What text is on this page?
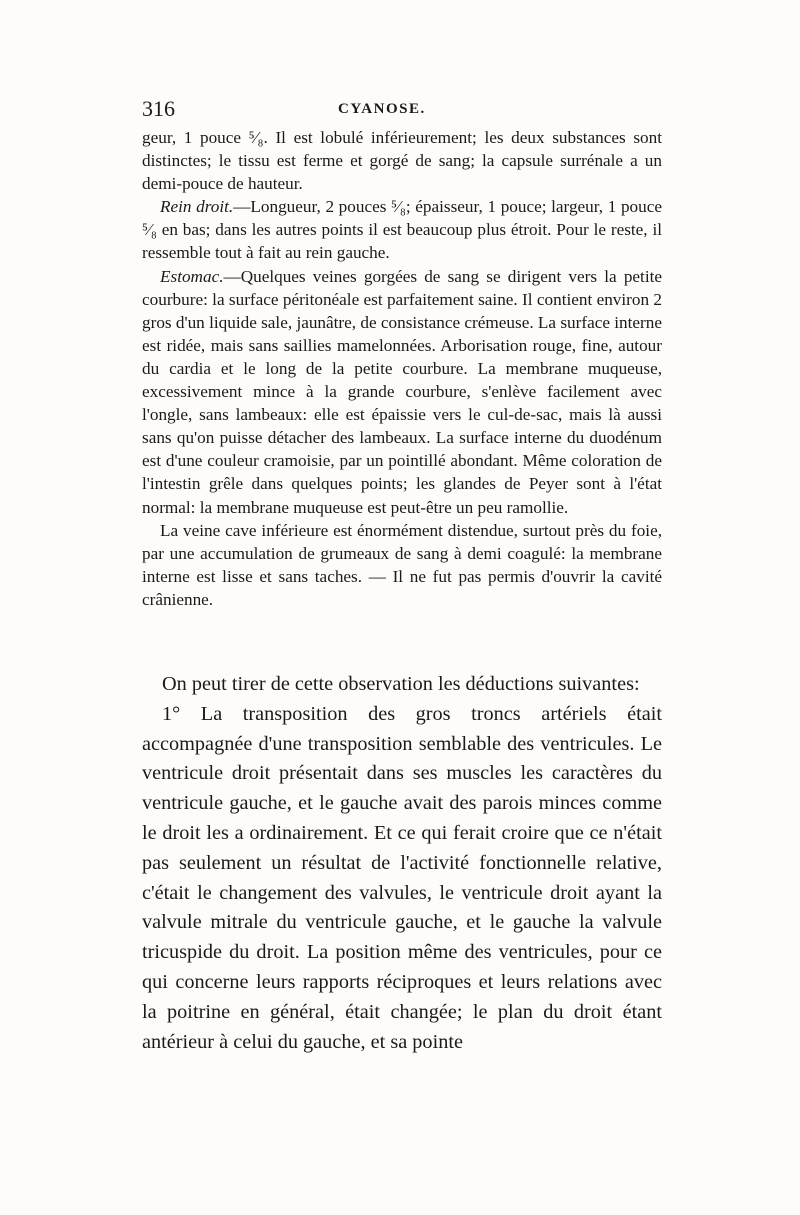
316	CYANOSE.

geur, 1 pouce ⁵⁄₈. Il est lobulé inférieurement; les deux substances sont distinctes; le tissu est ferme et gorgé de sang; la capsule surrénale a un demi-pouce de hauteur.

Rein droit.—Longueur, 2 pouces ⁵⁄₈; épaisseur, 1 pouce; largeur, 1 pouce ⁵⁄₈ en bas; dans les autres points il est beaucoup plus étroit. Pour le reste, il ressemble tout à fait au rein gauche.

Estomac.—Quelques veines gorgées de sang se dirigent vers la petite courbure: la surface péritonéale est parfaitement saine. Il contient environ 2 gros d'un liquide sale, jaunâtre, de consistance crémeuse. La surface interne est ridée, mais sans saillies mamelonnées. Arborisation rouge, fine, autour du cardia et le long de la petite courbure. La membrane muqueuse, excessivement mince à la grande courbure, s'enlève facilement avec l'ongle, sans lambeaux: elle est épaissie vers le cul-de-sac, mais là aussi sans qu'on puisse détacher des lambeaux. La surface interne du duodénum est d'une couleur cramoisie, par un pointillé abondant. Même coloration de l'intestin grêle dans quelques points; les glandes de Peyer sont à l'état normal: la membrane muqueuse est peut-être un peu ramollie.

La veine cave inférieure est énormément distendue, surtout près du foie, par une accumulation de grumeaux de sang à demi coagulé: la membrane interne est lisse et sans taches. — Il ne fut pas permis d'ouvrir la cavité crânienne.

On peut tirer de cette observation les déductions suivantes:

1° La transposition des gros troncs artériels était accompagnée d'une transposition semblable des ventricules. Le ventricule droit présentait dans ses muscles les caractères du ventricule gauche, et le gauche avait des parois minces comme le droit les a ordinairement. Et ce qui ferait croire que ce n'était pas seulement un résultat de l'activité fonctionnelle relative, c'était le changement des valvules, le ventricule droit ayant la valvule mitrale du ventricule gauche, et le gauche la valvule tricuspide du droit. La position même des ventricules, pour ce qui concerne leurs rapports réciproques et leurs relations avec la poitrine en général, était changée; le plan du droit étant antérieur à celui du gauche, et sa pointe
